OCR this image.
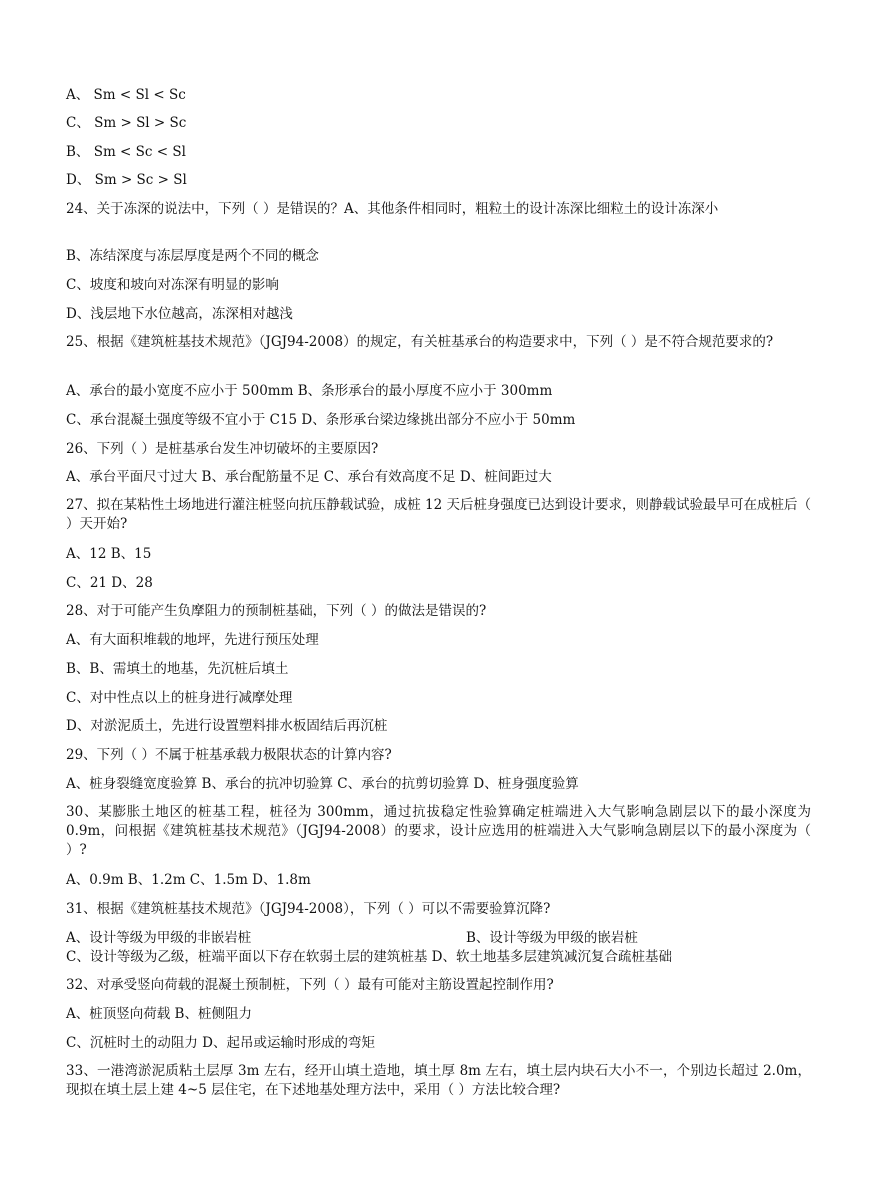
A、 Sm < Sl < Sc
C、 Sm > Sl > Sc
B、 Sm < Sc < Sl
D、 Sm > Sc > Sl
24、关于冻深的说法中，下列（ ）是错误的？A、其他条件相同时，粗粒土的设计冻深比细粒土的设计冻深小
B、冻结深度与冻层厚度是两个不同的概念
C、坡度和坡向对冻深有明显的影响
D、浅层地下水位越高，冻深相对越浅
25、根据《建筑桩基技术规范》（JGJ94-2008）的规定，有关桩基承台的构造要求中，下列（ ）是不符合规范要求的?
A、承台的最小宽度不应小于 500mm B、条形承台的最小厚度不应小于 300mm
C、承台混凝土强度等级不宜小于 C15 D、条形承台梁边缘挑出部分不应小于 50mm
26、下列（ ）是桩基承台发生冲切破坏的主要原因?
A、承台平面尺寸过大 B、承台配筋量不足 C、承台有效高度不足 D、桩间距过大
27、拟在某粘性土场地进行灌注桩竖向抗压静载试验，成桩 12 天后桩身强度已达到设计要求，则静载试验最早可在成桩后（ ）天开始?
A、12 B、15
C、21 D、28
28、对于可能产生负摩阻力的预制桩基础，下列（ ）的做法是错误的?
A、有大面积堆载的地坪，先进行预压处理
B、B、需填土的地基，先沉桩后填土
C、对中性点以上的桩身进行减摩处理
D、对淤泥质土，先进行设置塑料排水板固结后再沉桩
29、下列（ ）不属于桩基承载力极限状态的计算内容?
A、桩身裂缝宽度验算 B、承台的抗冲切验算 C、承台的抗剪切验算 D、桩身强度验算
30、某膨胀土地区的桩基工程，桩径为 300mm，通过抗拔稳定性验算确定桩端进入大气影响急剧层以下的最小深度为 0.9m，问根据《建筑桩基技术规范》（JGJ94-2008）的要求，设计应选用的桩端进入大气影响急剧层以下的最小深度为（ ）?
A、0.9m B、1.2m C、1.5m D、1.8m
31、根据《建筑桩基技术规范》（JGJ94-2008），下列（ ）可以不需要验算沉降?
A、设计等级为甲级的非嵌岩桩	B、设计等级为甲级的嵌岩桩
C、设计等级为乙级，桩端平面以下存在软弱土层的建筑桩基 D、软土地基多层建筑减沉复合疏桩基础
32、对承受竖向荷载的混凝土预制桩，下列（ ）最有可能对主筋设置起控制作用?
A、桩顶竖向荷载 B、桩侧阻力
C、沉桩时土的动阻力 D、起吊或运输时形成的弯矩
33、一港湾淤泥质粘土层厚 3m 左右，经开山填土造地，填土厚 8m 左右，填土层内块石大小不一，个别边长超过 2.0m，现拟在填土层上建 4~5 层住宅，在下述地基处理方法中，采用（ ）方法比较合理?
